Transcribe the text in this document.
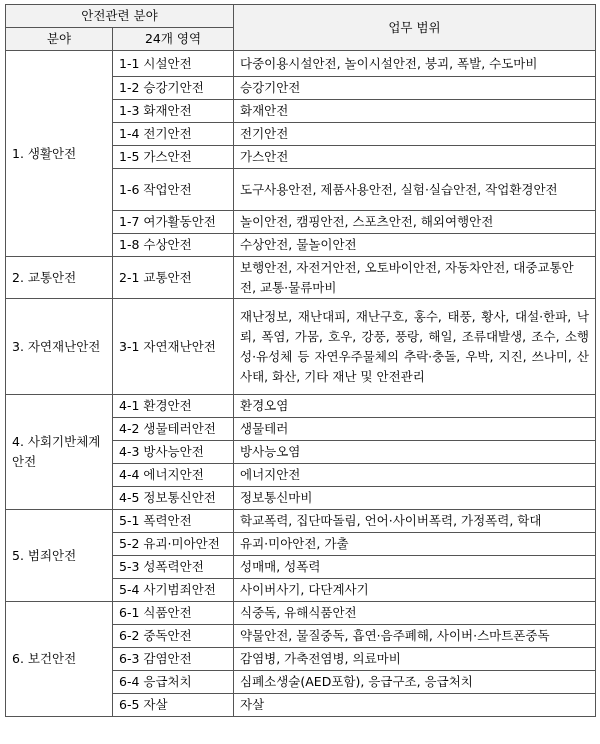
안전관련 분야		업무 범위
분야	24개 영역	
1. 생활안전	1-1 시설안전	다중이용시설안전, 놀이시설안전, 붕괴, 폭발, 수도마비
	1-2 승강기안전	승강기안전
	1-3 화재안전	화재안전
	1-4 전기안전	전기안전
	1-5 가스안전	가스안전
	1-6 작업안전	도구사용안전, 제품사용안전, 실험·실습안전, 작업환경안전
	1-7 여가활동안전	놀이안전, 캠핑안전, 스포츠안전, 해외여행안전
	1-8 수상안전	수상안전, 물놀이안전
2. 교통안전	2-1 교통안전	보행안전, 자전거안전, 오토바이안전, 자동차안전, 대중교통안전, 교통·물류마비
3. 자연재난안전	3-1 자연재난안전	재난정보, 재난대피, 재난구호, 홍수, 태풍, 황사, 대설·한파, 낙뢰, 폭염, 가뭄, 호우, 강풍, 풍랑, 해일, 조류대발생, 조수, 소행성·유성체 등 자연우주물체의 추락·충돌, 우박, 지진, 쓰나미, 산사태, 화산, 기타 재난 및 안전관리
4. 사회기반체계안전	4-1 환경안전	환경오염
	4-2 생물테러안전	생물테러
	4-3 방사능안전	방사능오염
	4-4 에너지안전	에너지안전
	4-5 정보통신안전	정보통신마비
5. 범죄안전	5-1 폭력안전	학교폭력, 집단따돌림, 언어·사이버폭력, 가정폭력, 학대
	5-2 유괴·미아안전	유괴·미아안전, 가출
	5-3 성폭력안전	성매매, 성폭력
	5-4 사기범죄안전	사이버사기, 다단계사기
6. 보건안전	6-1 식품안전	식중독, 유해식품안전
	6-2 중독안전	약물안전, 물질중독, 흡연·음주폐해, 사이버·스마트폰중독
	6-3 감염안전	감염병, 가축전염병, 의료마비
	6-4 응급처치	심폐소생술(AED포함), 응급구조, 응급처치
	6-5 자살	자살
